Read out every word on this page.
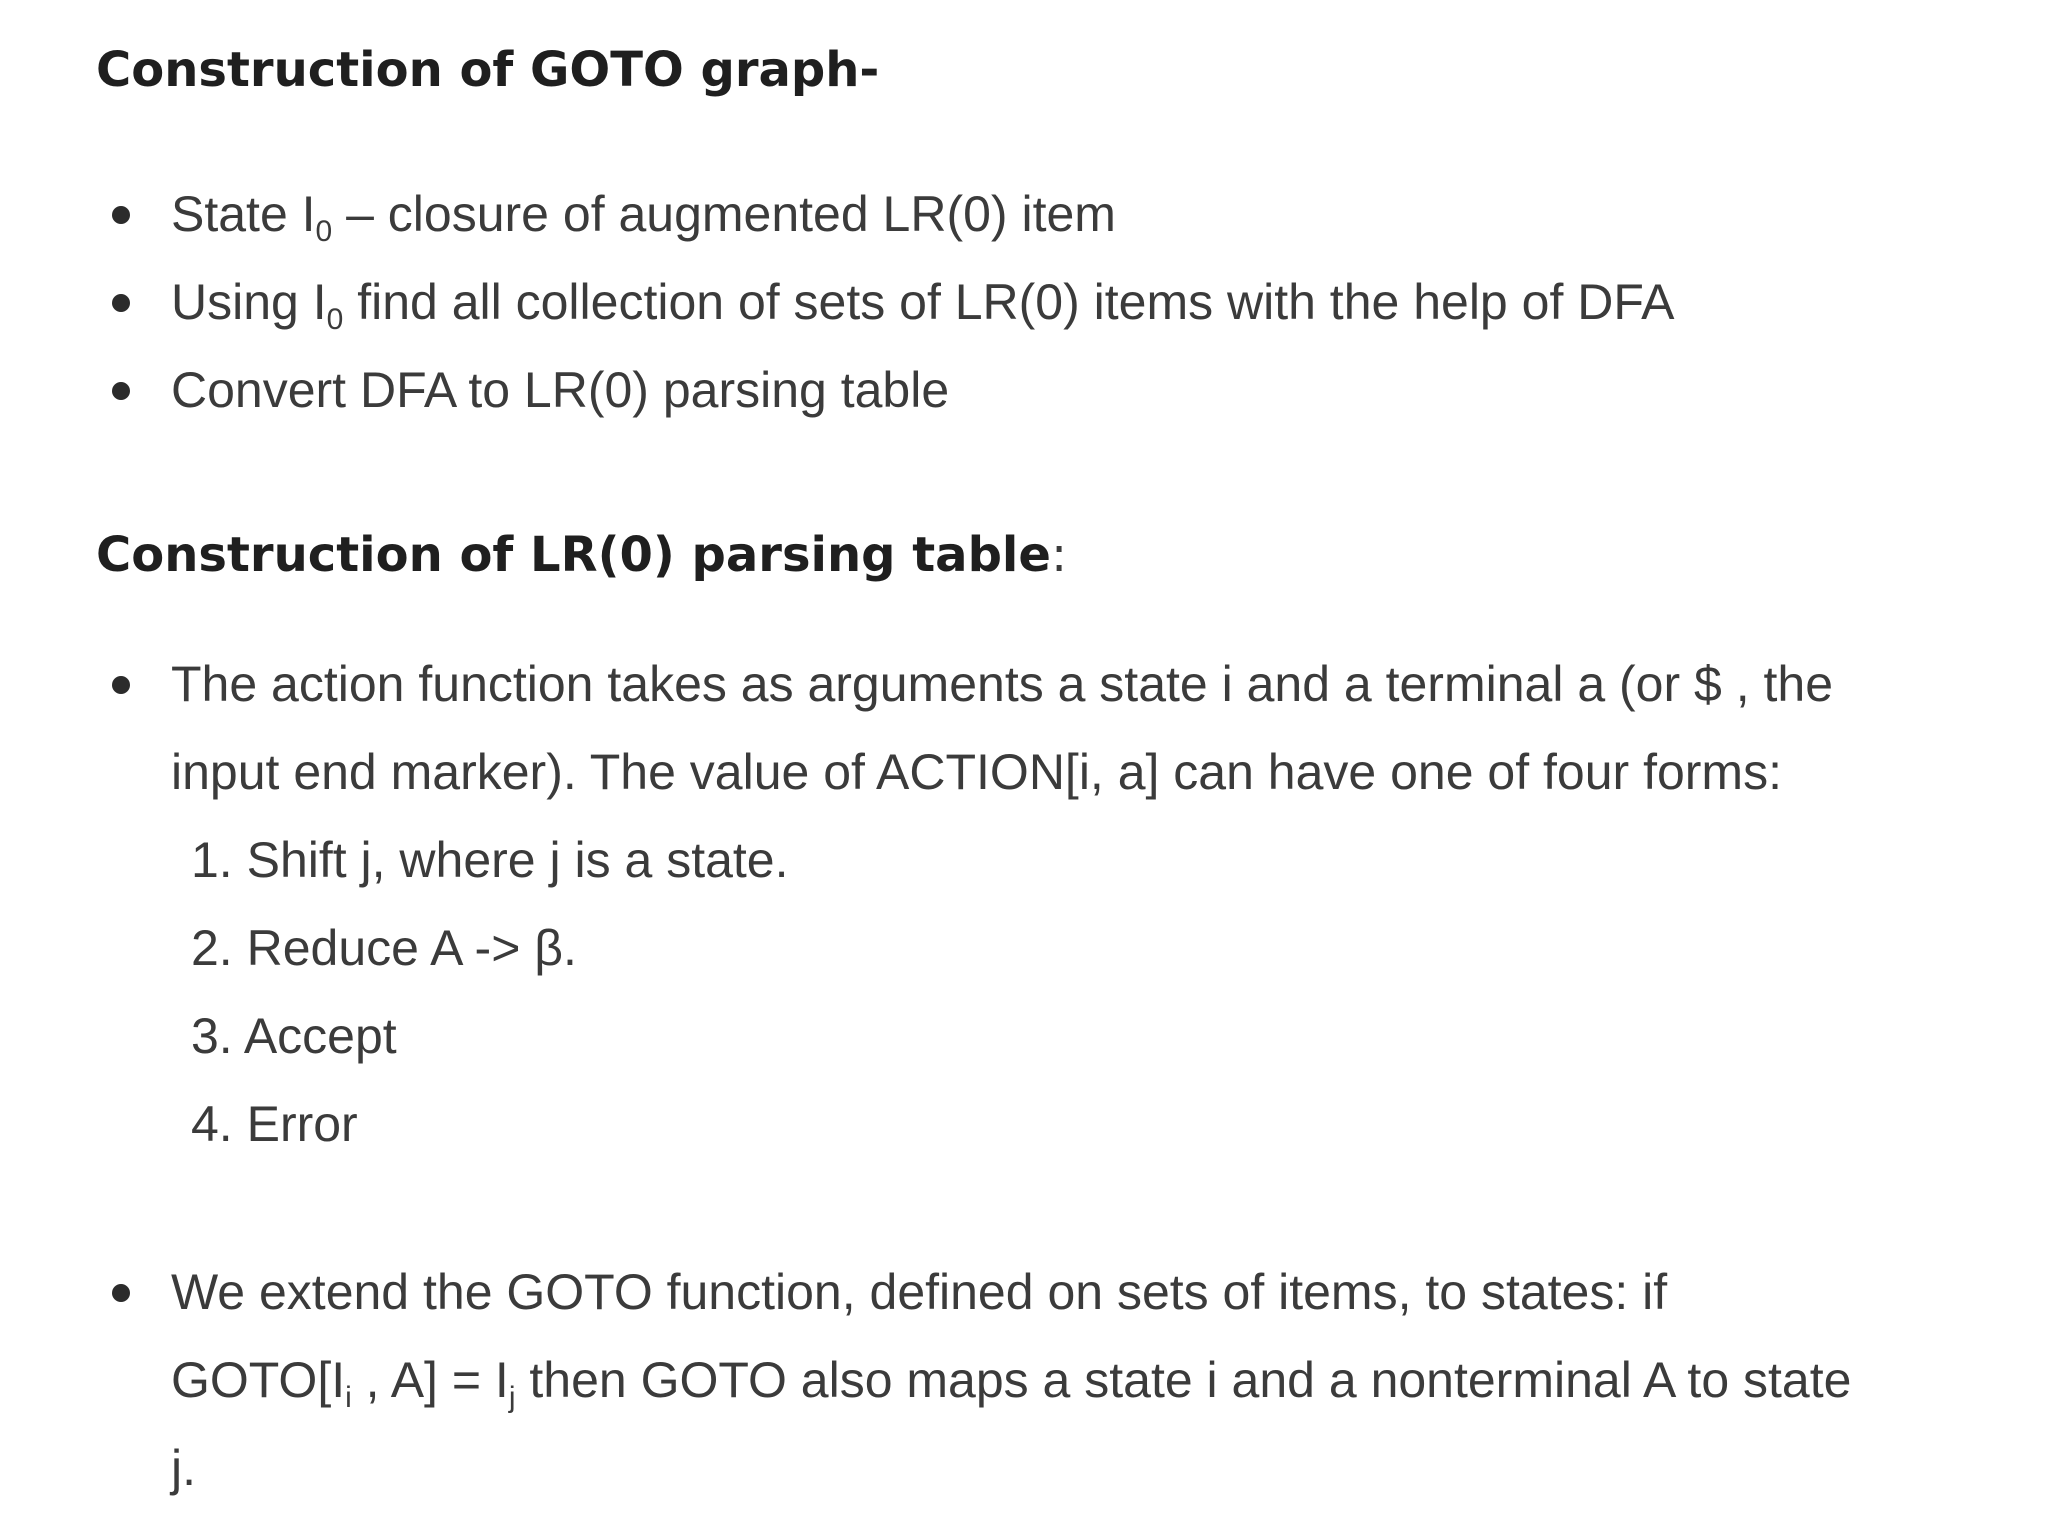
Construction of GOTO graph-
State $I_0$ – closure of augmented LR(0) item
Using $I_0$ find all collection of sets of LR(0) items with the help of DFA
Convert DFA to LR(0) parsing table
Construction of LR(0) parsing table:
The action function takes as arguments a state i and a terminal a (or $ , the
input end marker). The value of ACTION[i, a] can have one of four forms:
1. Shift j, where j is a state.
2. Reduce A -> β.
3. Accept
4. Error
We extend the GOTO function, defined on sets of items, to states: if
$GOTO[I_i$ , $A] = I_j$ then GOTO also maps a state i and a nonterminal A to state
j.
